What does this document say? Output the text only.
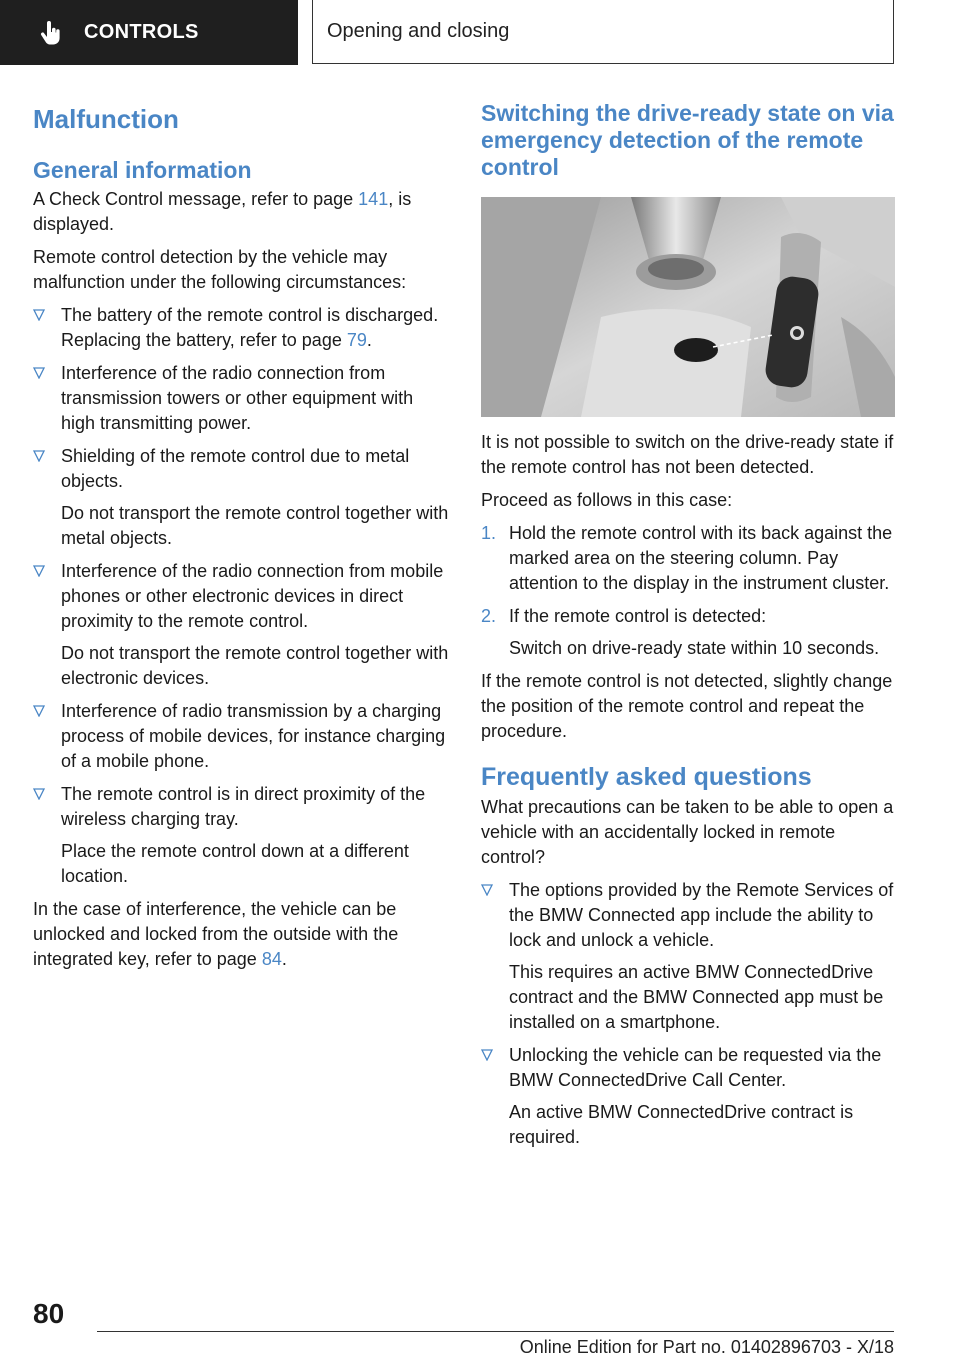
CONTROLS	Opening and closing
Malfunction
General information

A Check Control message, refer to page 141, is displayed.

Remote control detection by the vehicle may malfunction under the following circumstances:

The battery of the remote control is discharged. Replacing the battery, refer to page 79.
Interference of the radio connection from transmission towers or other equipment with high transmitting power.
Shielding of the remote control due to metal objects.
Do not transport the remote control together with metal objects.
Interference of the radio connection from mobile phones or other electronic devices in direct proximity to the remote control.
Do not transport the remote control together with electronic devices.
Interference of radio transmission by a charging process of mobile devices, for instance charging of a mobile phone.
The remote control is in direct proximity of the wireless charging tray.
Place the remote control down at a different location.

In the case of interference, the vehicle can be unlocked and locked from the outside with the integrated key, refer to page 84.

Switching the drive-ready state on via emergency detection of the remote control

It is not possible to switch on the drive-ready state if the remote control has not been detected.

Proceed as follows in this case:

1. Hold the remote control with its back against the marked area on the steering column. Pay attention to the display in the instrument cluster.
2. If the remote control is detected:
Switch on drive-ready state within 10 seconds.

If the remote control is not detected, slightly change the position of the remote control and repeat the procedure.

Frequently asked questions

What precautions can be taken to be able to open a vehicle with an accidentally locked in remote control?

The options provided by the Remote Services of the BMW Connected app include the ability to lock and unlock a vehicle.
This requires an active BMW ConnectedDrive contract and the BMW Connected app must be installed on a smartphone.
Unlocking the vehicle can be requested via the BMW ConnectedDrive Call Center.
An active BMW ConnectedDrive contract is required.
80
Online Edition for Part no. 01402896703 - X/18
